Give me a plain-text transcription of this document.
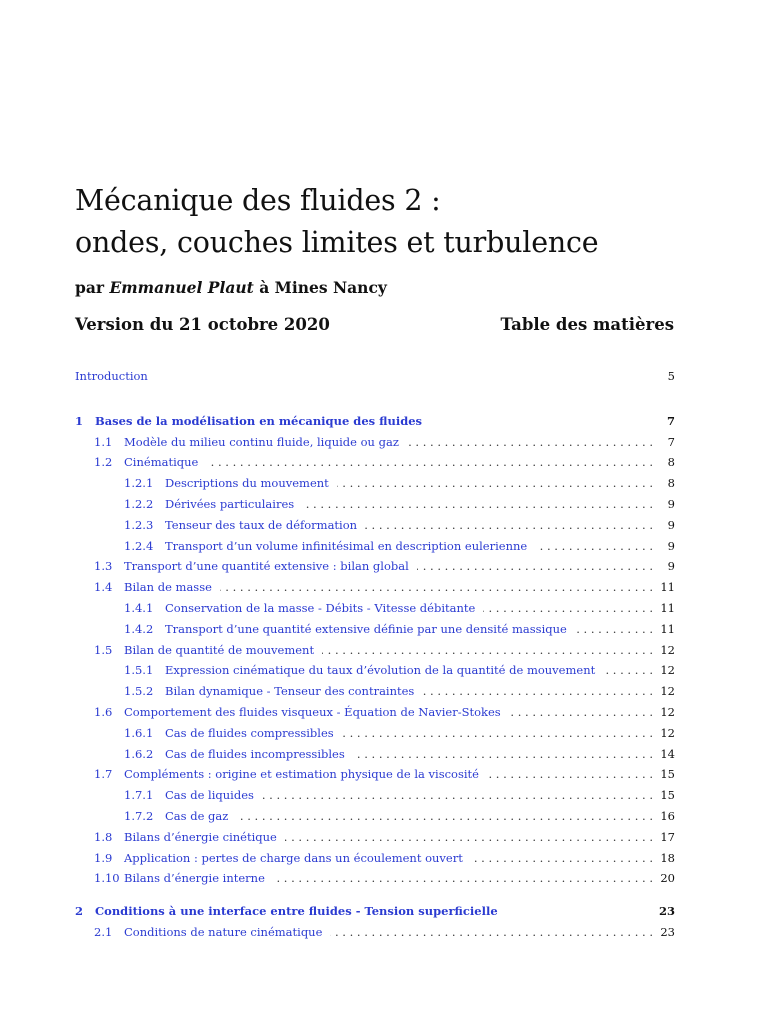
Mécanique des fluides 2 :
ondes, couches limites et turbulence
par Emmanuel Plaut à Mines Nancy
Version du 21 octobre 2020	Table des matières
Introduction	5
1	Bases de la modélisation en mécanique des fluides	7
1.1	Modèle du milieu continu fluide, liquide ou gaz . . .	7
1.2	Cinématique . . .	8
1.2.1	Descriptions du mouvement . . .	8
1.2.2	Dérivées particulaires . . .	9
1.2.3	Tenseur des taux de déformation . . .	9
1.2.4	Transport d’un volume infinitésimal en description eulerienne . . .	9
1.3	Transport d’une quantité extensive : bilan global . . .	9
1.4	Bilan de masse . . .	11
1.4.1	Conservation de la masse - Débits - Vitesse débitante . . .	11
1.4.2	Transport d’une quantité extensive définie par une densité massique . . .	11
1.5	Bilan de quantité de mouvement . . .	12
1.5.1	Expression cinématique du taux d’évolution de la quantité de mouvement . . .	12
1.5.2	Bilan dynamique - Tenseur des contraintes . . .	12
1.6	Comportement des fluides visqueux - Équation de Navier-Stokes . . .	12
1.6.1	Cas de fluides compressibles . . .	12
1.6.2	Cas de fluides incompressibles . . .	14
1.7	Compléments : origine et estimation physique de la viscosité . . .	15
1.7.1	Cas de liquides . . .	15
1.7.2	Cas de gaz . . .	16
1.8	Bilans d’énergie cinétique . . .	17
1.9	Application : pertes de charge dans un écoulement ouvert . . .	18
1.10 Bilans d’énergie interne . . .	20
2	Conditions à une interface entre fluides - Tension superficielle	23
2.1	Conditions de nature cinématique . . .	23
